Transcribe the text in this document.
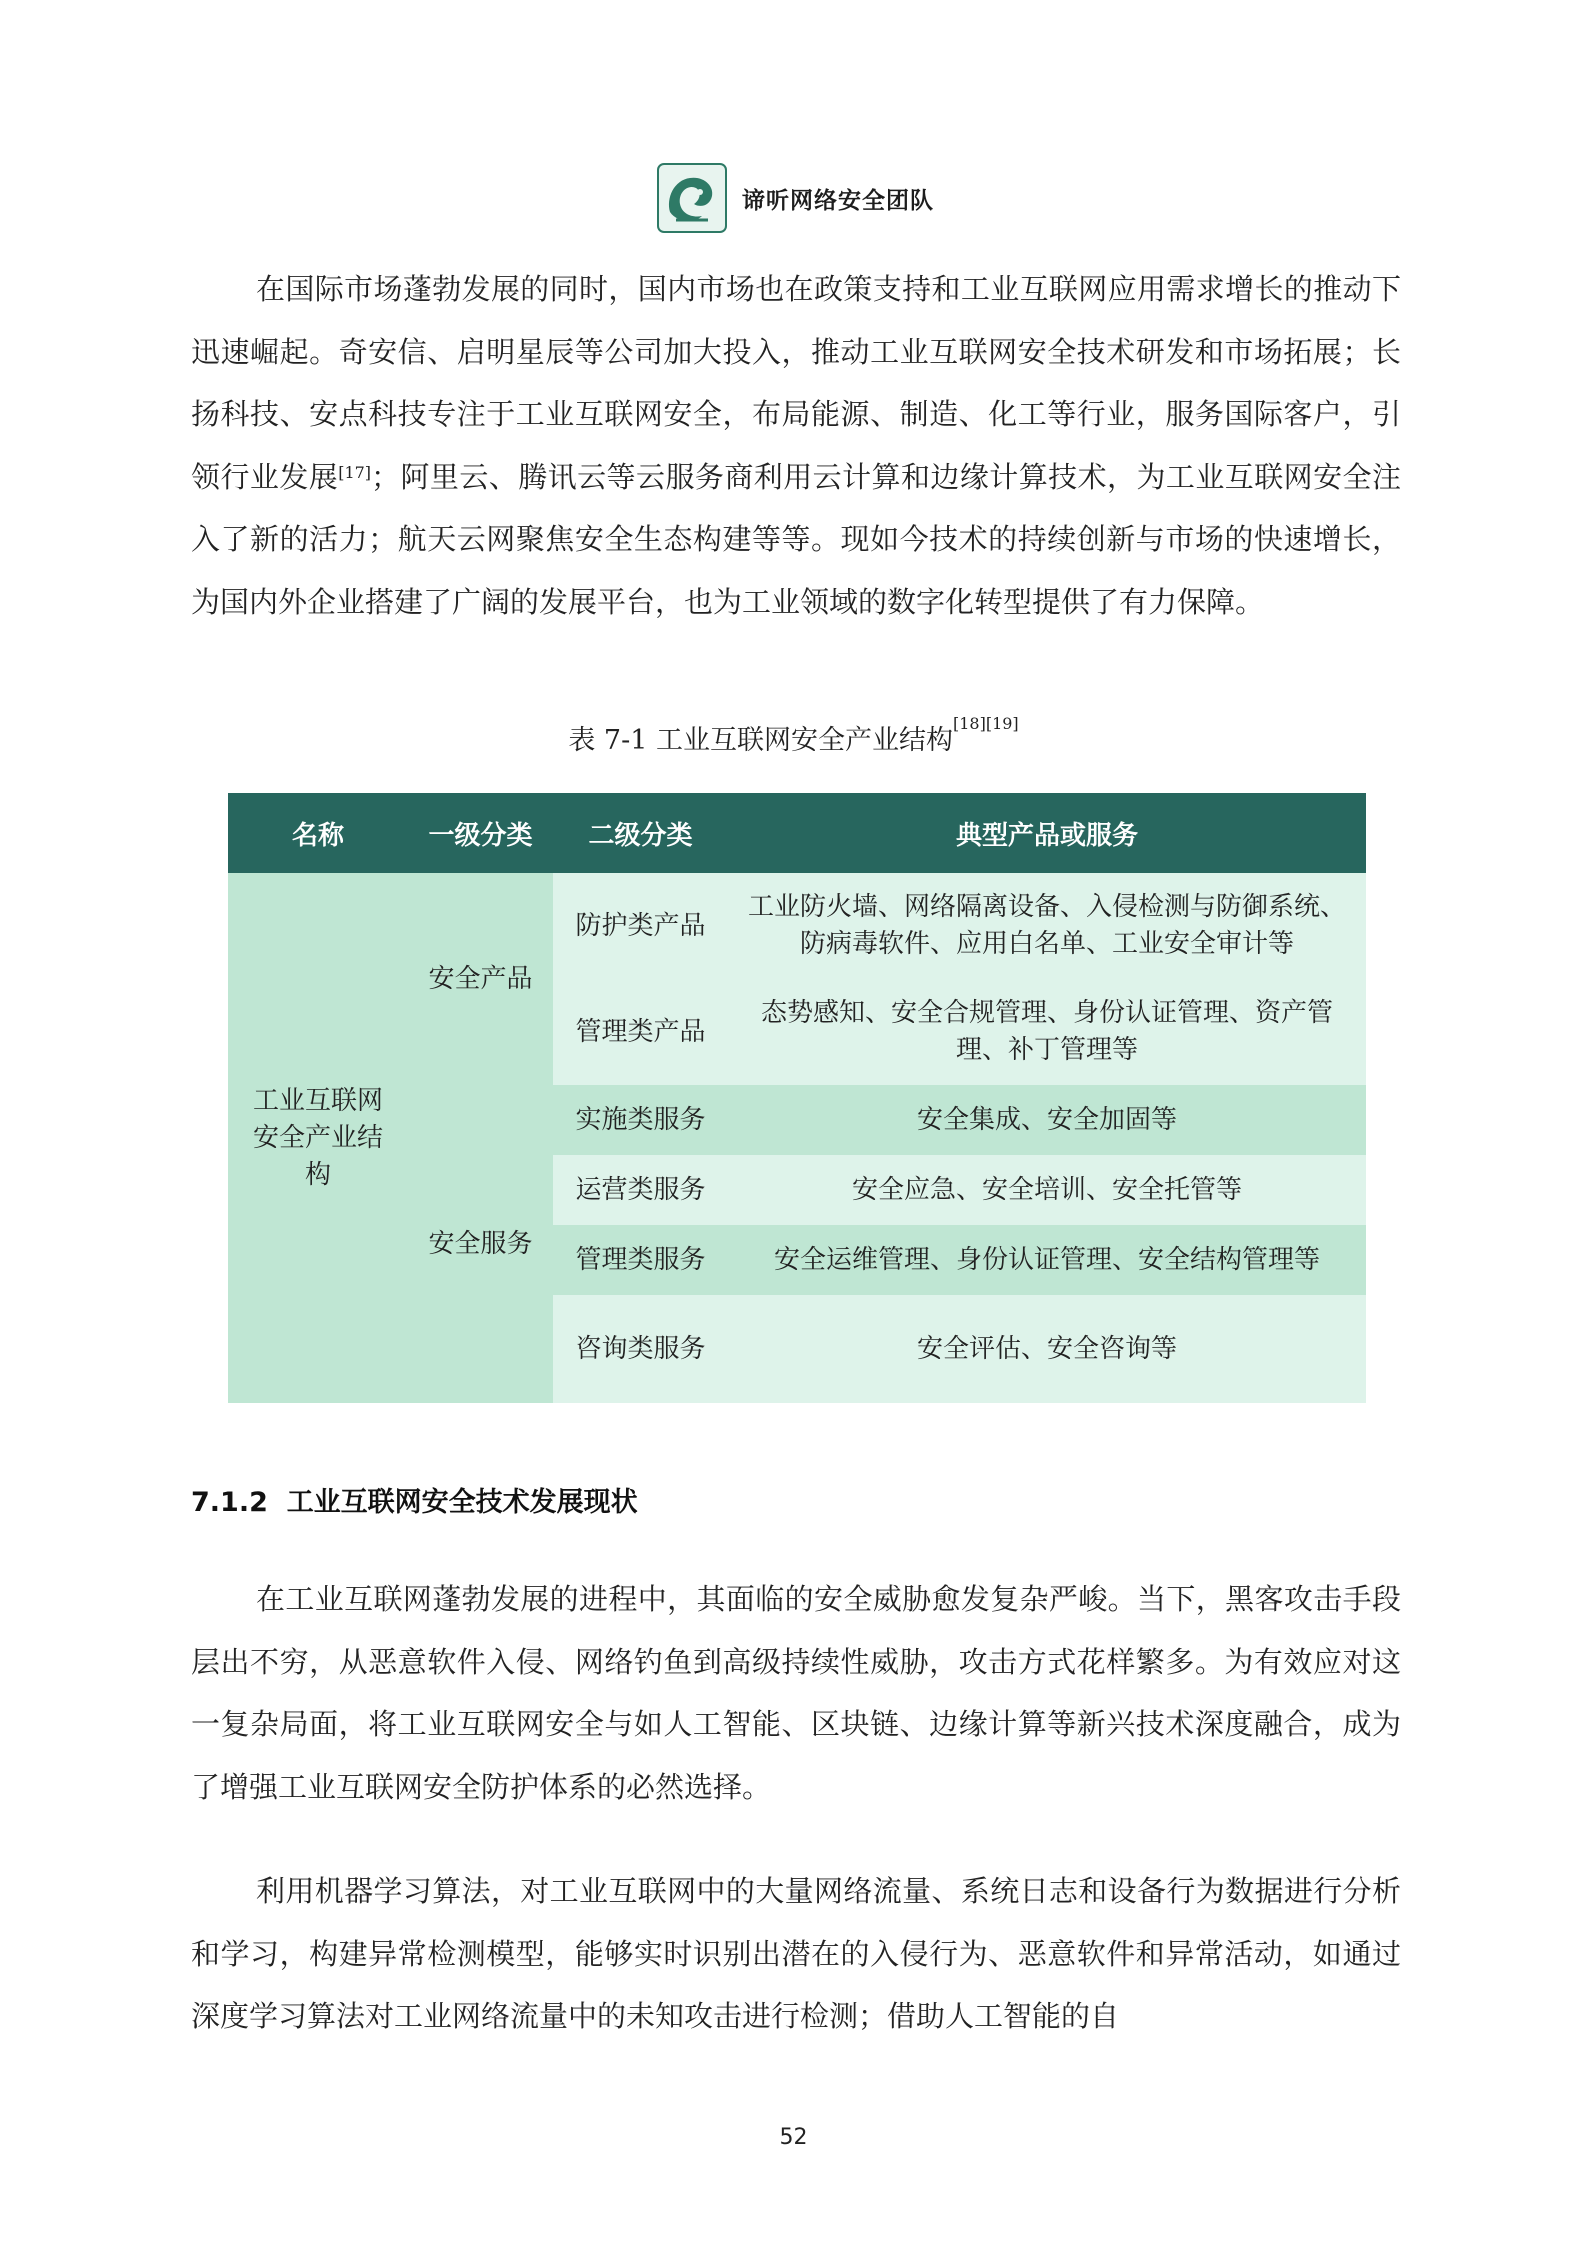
谛听网络安全团队

在国际市场蓬勃发展的同时，国内市场也在政策支持和工业互联网应用需求增长的推动下迅速崛起。奇安信、启明星辰等公司加大投入，推动工业互联网安全技术研发和市场拓展；长扬科技、安点科技专注于工业互联网安全，布局能源、制造、化工等行业，服务国际客户，引领行业发展[17]；阿里云、腾讯云等云服务商利用云计算和边缘计算技术，为工业互联网安全注入了新的活力；航天云网聚焦安全生态构建等等。现如今技术的持续创新与市场的快速增长，为国内外企业搭建了广阔的发展平台，也为工业领域的数字化转型提供了有力保障。

表 7-1 工业互联网安全产业结构[18][19]
名称	一级分类	二级分类	典型产品或服务
工业互联网安全产业结构	安全产品	防护类产品	工业防火墙、网络隔离设备、入侵检测与防御系统、防病毒软件、应用白名单、工业安全审计等
		管理类产品	态势感知、安全合规管理、身份认证管理、资产管理、补丁管理等
	安全服务	实施类服务	安全集成、安全加固等
		运营类服务	安全应急、安全培训、安全托管等
		管理类服务	安全运维管理、身份认证管理、安全结构管理等
		咨询类服务	安全评估、安全咨询等
7.1.2 工业互联网安全技术发展现状

在工业互联网蓬勃发展的进程中，其面临的安全威胁愈发复杂严峻。当下，黑客攻击手段层出不穷，从恶意软件入侵、网络钓鱼到高级持续性威胁，攻击方式花样繁多。为有效应对这一复杂局面，将工业互联网安全与如人工智能、区块链、边缘计算等新兴技术深度融合，成为了增强工业互联网安全防护体系的必然选择。

利用机器学习算法，对工业互联网中的大量网络流量、系统日志和设备行为数据进行分析和学习，构建异常检测模型，能够实时识别出潜在的入侵行为、恶意软件和异常活动，如通过深度学习算法对工业网络流量中的未知攻击进行检测；借助人工智能的自

52
